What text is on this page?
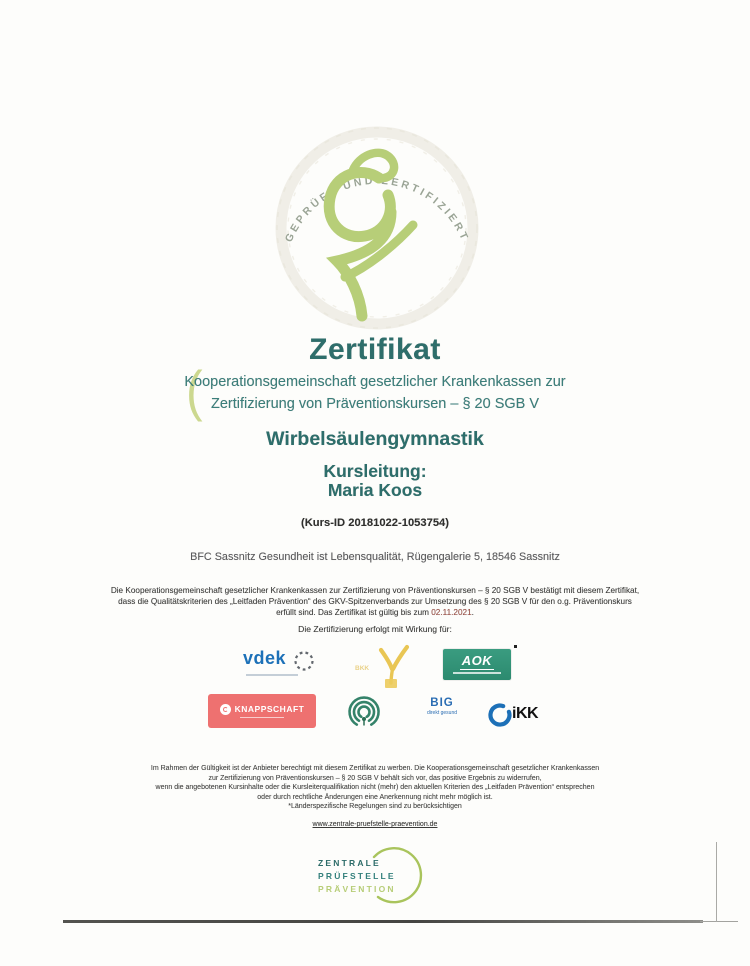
GEPRÜFT UND ZERTIFIZIERT
Zertifikat
(
Kooperationsgemeinschaft gesetzlicher Krankenkassen zur
Zertifizierung von Präventionskursen – § 20 SGB V
Wirbelsäulengymnastik
Kursleitung:
Maria Koos
(Kurs-ID 20181022-1053754)
BFC Sassnitz Gesundheit ist Lebensqualität, Rügengalerie 5, 18546 Sassnitz
Die Kooperationsgemeinschaft gesetzlicher Krankenkassen zur Zertifizierung von Präventionskursen – § 20 SGB V bestätigt mit diesem Zertifikat,
dass die Qualitätskriterien des „Leitfaden Prävention“ des GKV-Spitzenverbands zur Umsetzung des § 20 SGB V für den o.g. Präventionskurs
erfüllt sind. Das Zertifikat ist gültig bis zum 02.11.2021.
Die Zertifizierung erfolgt mit Wirkung für:
vdek
BKK
AOK
KNAPPSCHAFT
BIG
direkt gesund	iKK
Im Rahmen der Gültigkeit ist der Anbieter berechtigt mit diesem Zertifikat zu werben. Die Kooperationsgemeinschaft gesetzlicher Krankenkassen
zur Zertifizierung von Präventionskursen – § 20 SGB V behält sich vor, das positive Ergebnis zu widerrufen,
wenn die angebotenen Kursinhalte oder die Kursleiterqualifikation nicht (mehr) den aktuellen Kriterien des „Leitfaden Prävention“ entsprechen
oder durch rechtliche Änderungen eine Anerkennung nicht mehr möglich ist.
*Länderspezifische Regelungen sind zu berücksichtigen
www.zentrale-pruefstelle-praevention.de
ZENTRALE
PRÜFSTELLE
PRÄVENTION
